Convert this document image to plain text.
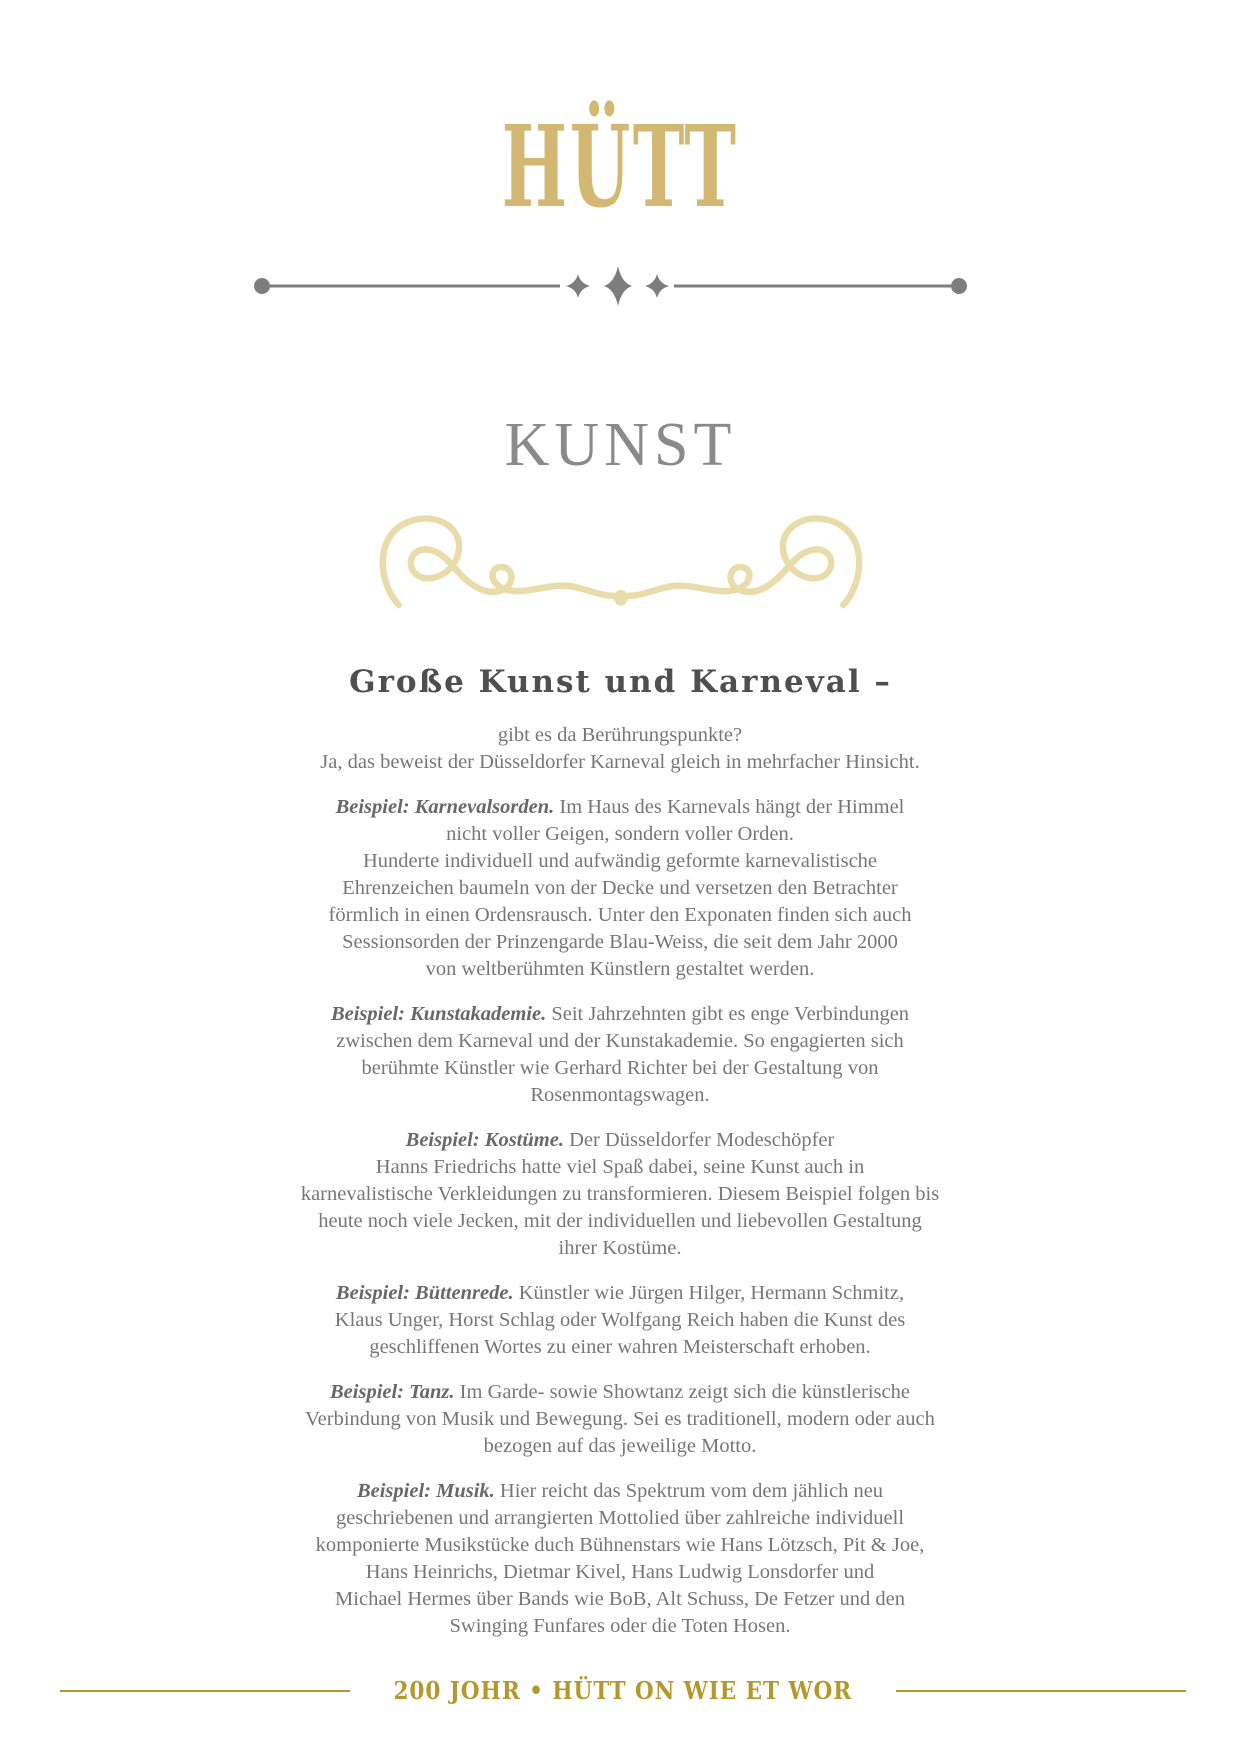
HÜTT
KUNST
Große Kunst und Karneval –

gibt es da Berührungspunkte?
Ja, das beweist der Düsseldorfer Karneval gleich in mehrfacher Hinsicht.

Beispiel: Karnevalsorden. Im Haus des Karnevals hängt der Himmel
nicht voller Geigen, sondern voller Orden.
Hunderte individuell und aufwändig geformte karnevalistische
Ehrenzeichen baumeln von der Decke und versetzen den Betrachter
förmlich in einen Ordensrausch. Unter den Exponaten finden sich auch
Sessionsorden der Prinzengarde Blau-Weiss, die seit dem Jahr 2000
von weltberühmten Künstlern gestaltet werden.

Beispiel: Kunstakademie. Seit Jahrzehnten gibt es enge Verbindungen
zwischen dem Karneval und der Kunstakademie. So engagierten sich
berühmte Künstler wie Gerhard Richter bei der Gestaltung von
Rosenmontagswagen.

Beispiel: Kostüme. Der Düsseldorfer Modeschöpfer
Hanns Friedrichs hatte viel Spaß dabei, seine Kunst auch in
karnevalistische Verkleidungen zu transformieren. Diesem Beispiel folgen bis
heute noch viele Jecken, mit der individuellen und liebevollen Gestaltung
ihrer Kostüme.

Beispiel: Büttenrede. Künstler wie Jürgen Hilger, Hermann Schmitz,
Klaus Unger, Horst Schlag oder Wolfgang Reich haben die Kunst des
geschliffenen Wortes zu einer wahren Meisterschaft erhoben.

Beispiel: Tanz. Im Garde- sowie Showtanz zeigt sich die künstlerische
Verbindung von Musik und Bewegung. Sei es traditionell, modern oder auch
bezogen auf das jeweilige Motto.

Beispiel: Musik. Hier reicht das Spektrum vom dem jählich neu
geschriebenen und arrangierten Mottolied über zahlreiche individuell
komponierte Musikstücke duch Bühnenstars wie Hans Lötzsch, Pit & Joe,
Hans Heinrichs, Dietmar Kivel, Hans Ludwig Lonsdorfer und
Michael Hermes über Bands wie BoB, Alt Schuss, De Fetzer und den
Swinging Funfares oder die Toten Hosen.

200 JOHR • HÜTT ON WIE ET WOR
